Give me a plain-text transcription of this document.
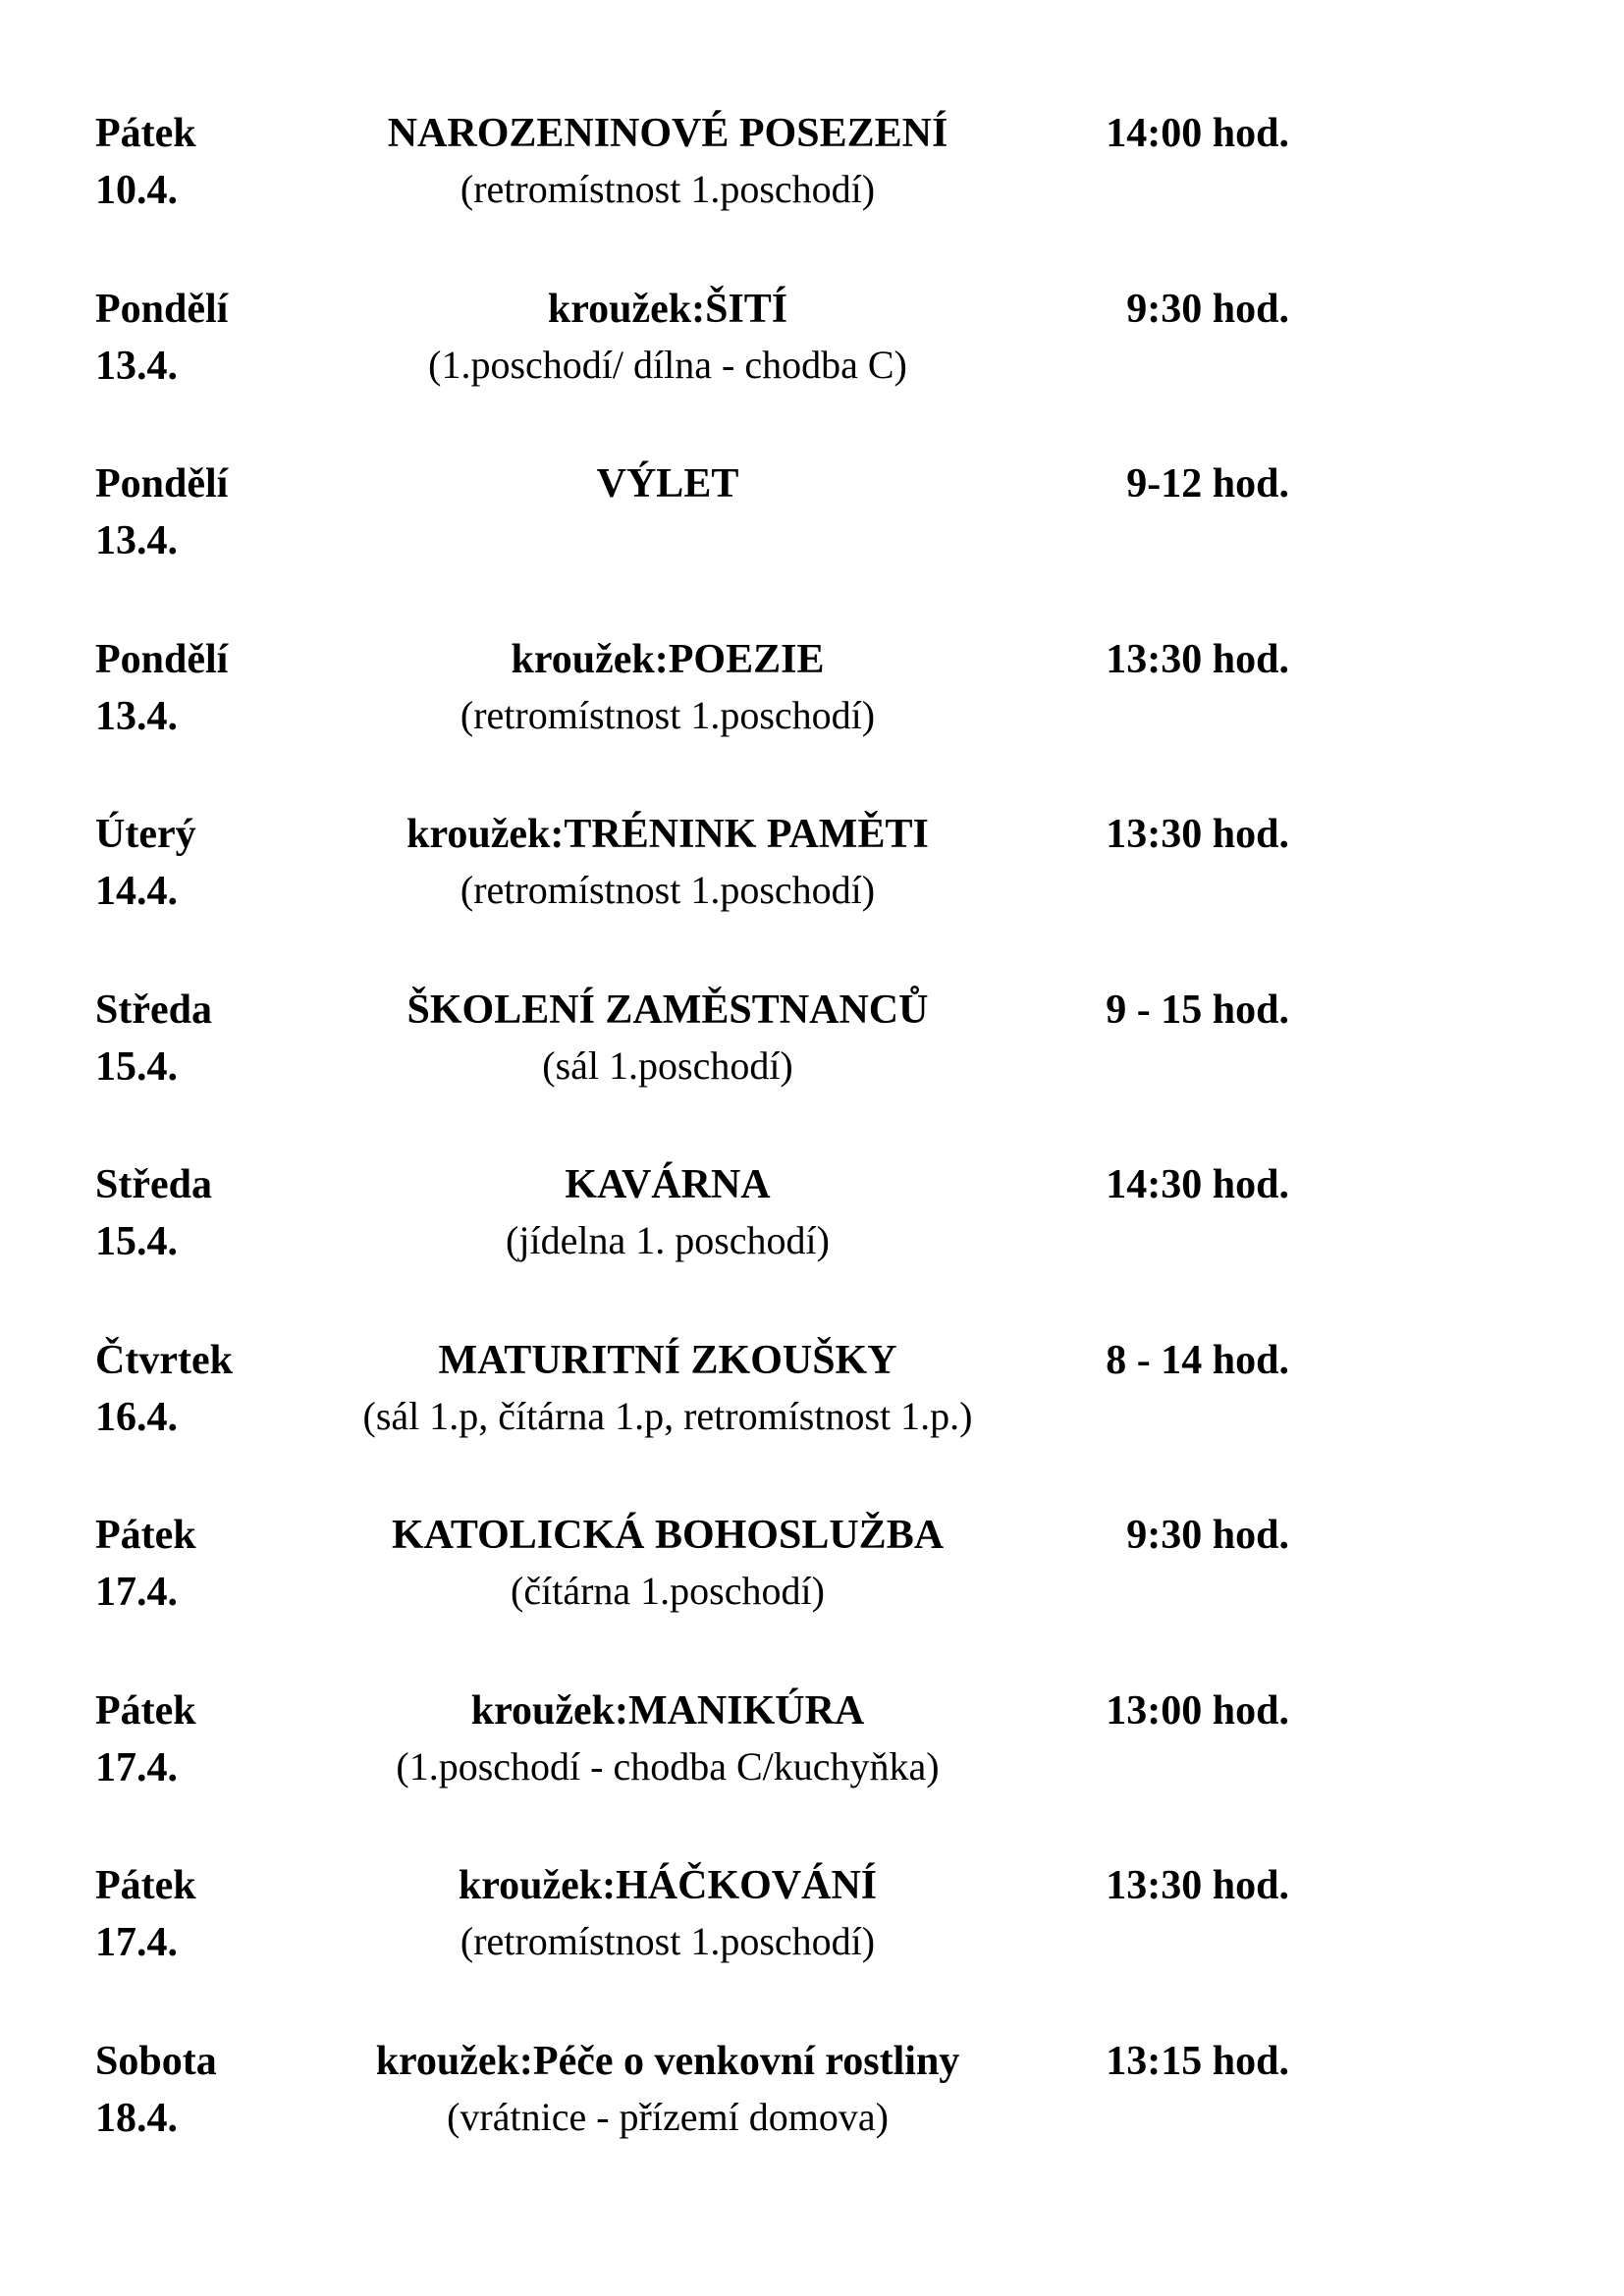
Pátek
10.4.
NAROZENINOVÉ POSEZENÍ
(retromístnost 1.poschodí)
14:00 hod.
Pondělí
13.4.
kroužek:ŠITÍ
(1.poschodí/ dílna - chodba C)
9:30 hod.
Pondělí
13.4.
VÝLET	9-12 hod.
Pondělí
13.4.
kroužek:POEZIE
(retromístnost 1.poschodí)
13:30 hod.
Úterý
14.4.
kroužek:TRÉNINK PAMĚTI
(retromístnost 1.poschodí)
13:30 hod.
Středa
15.4.
ŠKOLENÍ ZAMĚSTNANCŮ
(sál 1.poschodí)
9 - 15 hod.
Středa
15.4.
KAVÁRNA
(jídelna 1. poschodí)
14:30 hod.
Čtvrtek
16.4.
MATURITNÍ ZKOUŠKY
(sál 1.p, čítárna 1.p, retromístnost 1.p.)
8 - 14 hod.
Pátek
17.4.
KATOLICKÁ BOHOSLUŽBA
(čítárna 1.poschodí)
9:30 hod.
Pátek
17.4.
kroužek:MANIKÚRA
(1.poschodí - chodba C/kuchyňka)
13:00 hod.
Pátek
17.4.
kroužek:HÁČKOVÁNÍ
(retromístnost 1.poschodí)
13:30 hod.
Sobota
18.4.
kroužek:Péče o venkovní rostliny
(vrátnice - přízemí domova)
13:15 hod.
